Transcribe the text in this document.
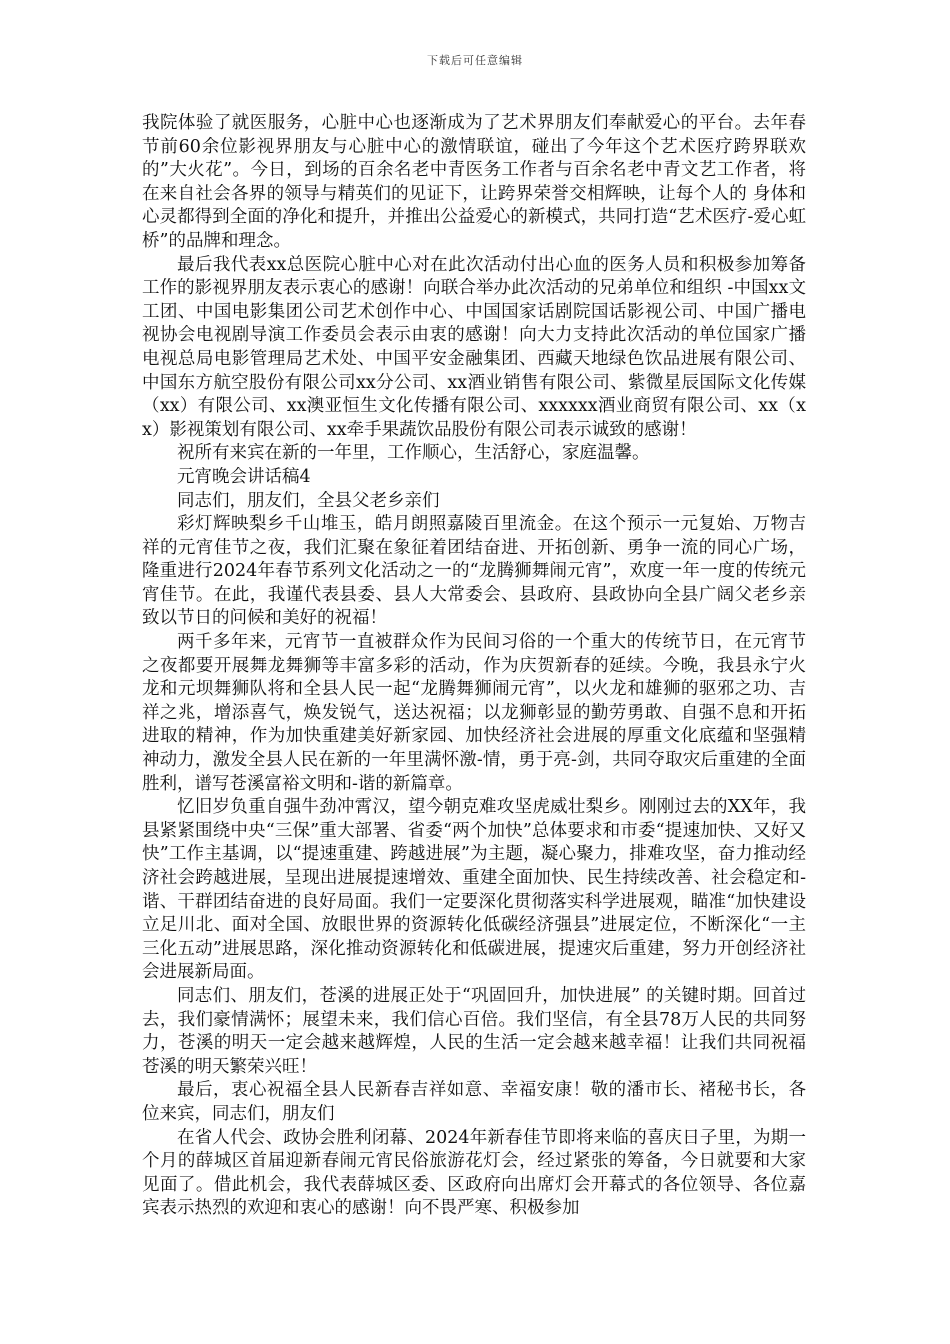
下载后可任意编辑

我院体验了就医服务，心脏中心也逐渐成为了艺术界朋友们奉献爱心的平台。去年春节前60余位影视界朋友与心脏中心的激情联谊，碰出了今年这个艺术医疗跨界联欢的”大火花”。今日，到场的百余名老中青医务工作者与百余名老中青文艺工作者，将在来自社会各界的领导与精英们的见证下，让跨界荣誉交相辉映，让每个人的 身体和心灵都得到全面的净化和提升，并推出公益爱心的新模式，共同打造“艺术医疗-爱心虹桥”的品牌和理念。

最后我代表xx总医院心脏中心对在此次活动付出心血的医务人员和积极参加筹备工作的影视界朋友表示衷心的感谢！向联合举办此次活动的兄弟单位和组织 -中国xx文工团、中国电影集团公司艺术创作中心、中国国家话剧院国话影视公司、中国广播电视协会电视剧导演工作委员会表示由衷的感谢！向大力支持此次活动的单位国家广播电视总局电影管理局艺术处、中国平安金融集团、西藏天地绿色饮品进展有限公司、中国东方航空股份有限公司xx分公司、xx酒业销售有限公司、紫微星辰国际文化传媒（xx）有限公司、xx澳亚恒生文化传播有限公司、xxxxxx酒业商贸有限公司、xx（xx）影视策划有限公司、xx牵手果蔬饮品股份有限公司表示诚致的感谢！

祝所有来宾在新的一年里，工作顺心，生活舒心，家庭温馨。

元宵晚会讲话稿4

同志们，朋友们，全县父老乡亲们

彩灯辉映梨乡千山堆玉，皓月朗照嘉陵百里流金。在这个预示一元复始、万物吉祥的元宵佳节之夜，我们汇聚在象征着团结奋进、开拓创新、勇争一流的同心广场，隆重进行2024年春节系列文化活动之一的“龙腾狮舞闹元宵”，欢度一年一度的传统元宵佳节。在此，我谨代表县委、县人大常委会、县政府、县政协向全县广阔父老乡亲致以节日的问候和美好的祝福！

两千多年来，元宵节一直被群众作为民间习俗的一个重大的传统节日，在元宵节之夜都要开展舞龙舞狮等丰富多彩的活动，作为庆贺新春的延续。今晚，我县永宁火龙和元坝舞狮队将和全县人民一起“龙腾舞狮闹元宵”，以火龙和雄狮的驱邪之功、吉祥之兆，增添喜气，焕发锐气，送达祝福；以龙狮彰显的勤劳勇敢、自强不息和开拓进取的精神，作为加快重建美好新家园、加快经济社会进展的厚重文化底蕴和坚强精神动力，激发全县人民在新的一年里满怀激-情，勇于亮-剑，共同夺取灾后重建的全面胜利，谱写苍溪富裕文明和-谐的新篇章。

忆旧岁负重自强牛劲冲霄汉，望今朝克难攻坚虎威壮梨乡。刚刚过去的XX年，我县紧紧围绕中央“三保”重大部署、省委“两个加快”总体要求和市委“提速加快、又好又快”工作主基调，以“提速重建、跨越进展”为主题，凝心聚力，排难攻坚，奋力推动经济社会跨越进展，呈现出进展提速增效、重建全面加快、民生持续改善、社会稳定和-谐、干群团结奋进的良好局面。我们一定要深化贯彻落实科学进展观，瞄准“加快建设立足川北、面对全国、放眼世界的资源转化低碳经济强县”进展定位，不断深化“一主三化五动”进展思路，深化推动资源转化和低碳进展，提速灾后重建，努力开创经济社会进展新局面。

同志们、朋友们，苍溪的进展正处于“巩固回升，加快进展” 的关键时期。回首过去，我们豪情满怀；展望未来，我们信心百倍。我们坚信，有全县78万人民的共同努力，苍溪的明天一定会越来越辉煌，人民的生活一定会越来越幸福！让我们共同祝福苍溪的明天繁荣兴旺！

最后，衷心祝福全县人民新春吉祥如意、幸福安康！敬的潘市长、褚秘书长，各位来宾，同志们，朋友们

在省人代会、政协会胜利闭幕、2024年新春佳节即将来临的喜庆日子里，为期一个月的薛城区首届迎新春闹元宵民俗旅游花灯会，经过紧张的筹备，今日就要和大家见面了。借此机会，我代表薛城区委、区政府向出席灯会开幕式的各位领导、各位嘉宾表示热烈的欢迎和衷心的感谢！向不畏严寒、积极参加
